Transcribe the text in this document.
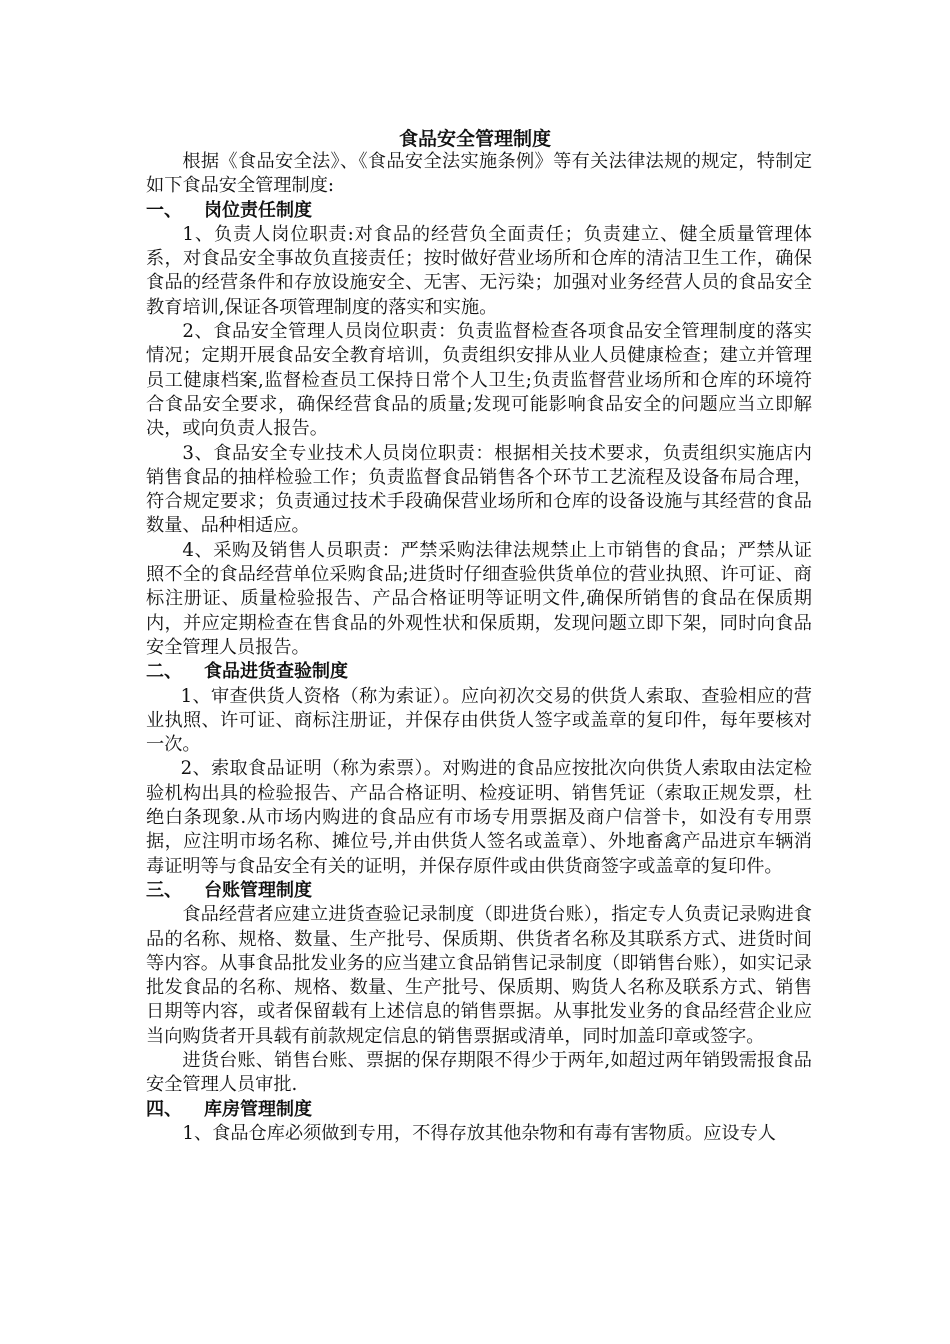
食品安全管理制度

根据《食品安全法》、《食品安全法实施条例》等有关法律法规的规定，特制定如下食品安全管理制度:

一、	岗位责任制度

1、负责人岗位职责:对食品的经营负全面责任；负责建立、健全质量管理体系，对食品安全事故负直接责任；按时做好营业场所和仓库的清洁卫生工作，确保食品的经营条件和存放设施安全、无害、无污染；加强对业务经营人员的食品安全教育培训,保证各项管理制度的落实和实施。

2、食品安全管理人员岗位职责：负责监督检查各项食品安全管理制度的落实情况；定期开展食品安全教育培训，负责组织安排从业人员健康检查；建立并管理员工健康档案,监督检查员工保持日常个人卫生;负责监督营业场所和仓库的环境符合食品安全要求，确保经营食品的质量;发现可能影响食品安全的问题应当立即解决，或向负责人报告。

3、食品安全专业技术人员岗位职责：根据相关技术要求，负责组织实施店内销售食品的抽样检验工作；负责监督食品销售各个环节工艺流程及设备布局合理，符合规定要求；负责通过技术手段确保营业场所和仓库的设备设施与其经营的食品数量、品种相适应。

4、采购及销售人员职责：严禁采购法律法规禁止上市销售的食品；严禁从证照不全的食品经营单位采购食品;进货时仔细查验供货单位的营业执照、许可证、商标注册证、质量检验报告、产品合格证明等证明文件,确保所销售的食品在保质期内，并应定期检查在售食品的外观性状和保质期，发现问题立即下架，同时向食品安全管理人员报告。

二、	食品进货查验制度

1、审查供货人资格（称为索证）。应向初次交易的供货人索取、查验相应的营业执照、许可证、商标注册证，并保存由供货人签字或盖章的复印件，每年要核对一次。

2、索取食品证明（称为索票）。对购进的食品应按批次向供货人索取由法定检验机构出具的检验报告、产品合格证明、检疫证明、销售凭证（索取正规发票，杜绝白条现象.从市场内购进的食品应有市场专用票据及商户信誉卡，如没有专用票据，应注明市场名称、摊位号,并由供货人签名或盖章）、外地畜禽产品进京车辆消毒证明等与食品安全有关的证明，并保存原件或由供货商签字或盖章的复印件。

三、	台账管理制度

食品经营者应建立进货查验记录制度（即进货台账），指定专人负责记录购进食品的名称、规格、数量、生产批号、保质期、供货者名称及其联系方式、进货时间等内容。从事食品批发业务的应当建立食品销售记录制度（即销售台账），如实记录批发食品的名称、规格、数量、生产批号、保质期、购货人名称及联系方式、销售日期等内容，或者保留载有上述信息的销售票据。从事批发业务的食品经营企业应当向购货者开具载有前款规定信息的销售票据或清单，同时加盖印章或签字。

进货台账、销售台账、票据的保存期限不得少于两年,如超过两年销毁需报食品安全管理人员审批.

四、	库房管理制度

1、食品仓库必须做到专用，不得存放其他杂物和有毒有害物质。应设专人
